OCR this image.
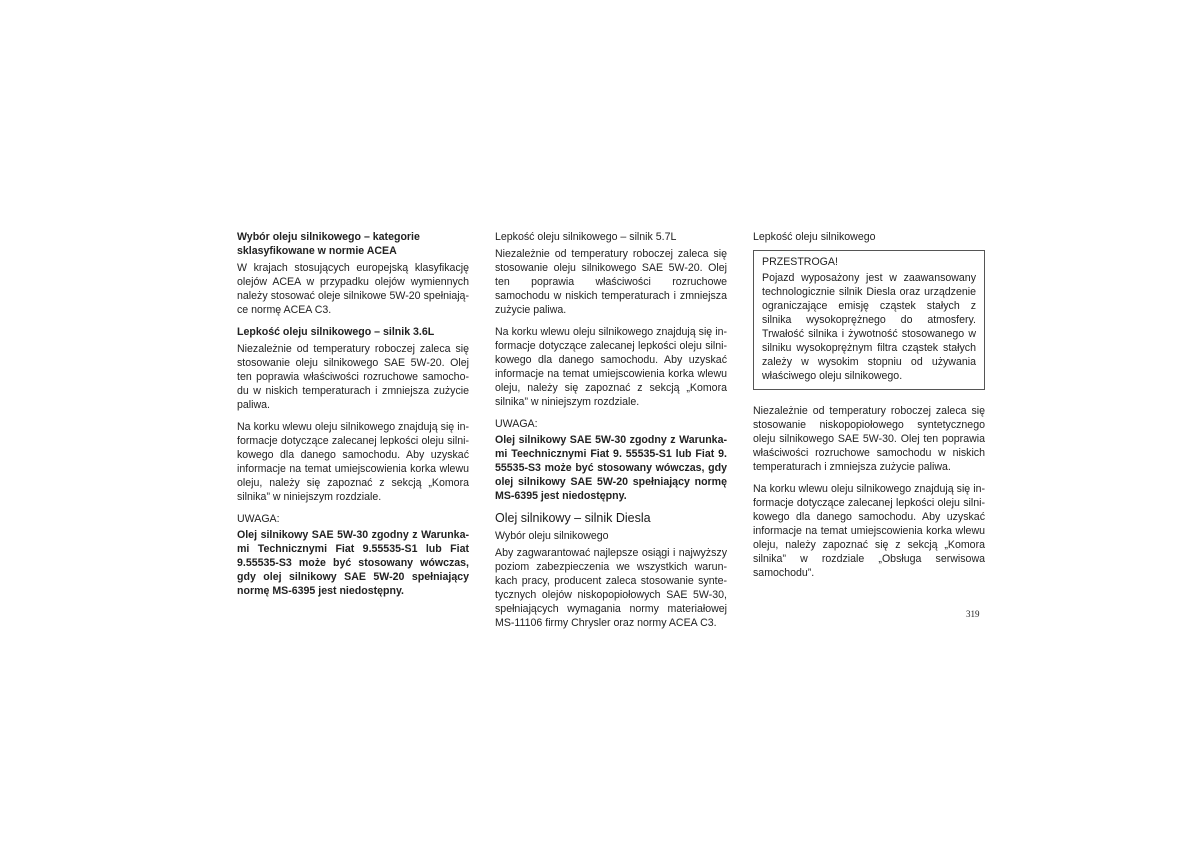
Wybór oleju silnikowego – kategorie sklasyfikowane w normie ACEA

W krajach stosujących europejską klasyfikację olejów ACEA w przypadku olejów wymiennych należy stosować oleje silnikowe 5W-20 spełniające normę ACEA C3.

Lepkość oleju silnikowego – silnik 3.6L

Niezależnie od temperatury roboczej zaleca się stosowanie oleju silnikowego SAE 5W-20. Olej ten poprawia właściwości rozruchowe samochodu w niskich temperaturach i zmniejsza zużycie paliwa.

Na korku wlewu oleju silnikowego znajdują się informacje dotyczące zalecanej lepkości oleju silnikowego dla danego samochodu. Aby uzyskać informacje na temat umiejscowienia korka wlewu oleju, należy się zapoznać z sekcją „Komora silnika” w niniejszym rozdziale.

UWAGA:
Olej silnikowy SAE 5W-30 zgodny z Warunkami Technicznymi Fiat 9.55535-S1 lub Fiat 9.55535-S3 może być stosowany wówczas, gdy olej silnikowy SAE 5W-20 spełniający normę MS-6395 jest niedostępny.
Lepkość oleju silnikowego – silnik 5.7L

Niezależnie od temperatury roboczej zaleca się stosowanie oleju silnikowego SAE 5W-20. Olej ten poprawia właściwości rozruchowe samochodu w niskich temperaturach i zmniejsza zużycie paliwa.

Na korku wlewu oleju silnikowego znajdują się informacje dotyczące zalecanej lepkości oleju silnikowego dla danego samochodu. Aby uzyskać informacje na temat umiejscowienia korka wlewu oleju, należy się zapoznać z sekcją „Komora silnika” w niniejszym rozdziale.

UWAGA:
Olej silnikowy SAE 5W-30 zgodny z Warunkami Teechnicznymi Fiat 9. 55535-S1 lub Fiat 9. 55535-S3 może być stosowany wówczas, gdy olej silnikowy SAE 5W-20 spełniający normę MS-6395 jest niedostępny.
Olej silnikowy – silnik Diesla
Wybór oleju silnikowego

Aby zagwarantować najlepsze osiągi i najwyższy poziom zabezpieczenia we wszystkich warunkach pracy, producent zaleca stosowanie syntetycznych olejów niskopopiołowych SAE 5W-30, spełniających wymagania normy materiałowej MS-11106 firmy Chrysler oraz normy ACEA C3.

Lepkość oleju silnikowego
PRZESTROGA!

Pojazd wyposażony jest w zaawansowany technologicznie silnik Diesla oraz urządzenie ograniczające emisję cząstek stałych z silnika wysokoprężnego do atmosfery. Trwałość silnika i żywotność stosowanego w silniku wysokoprężnym filtra cząstek stałych zależy w wysokim stopniu od używania właściwego oleju silnikowego.

Niezależnie od temperatury roboczej zaleca się stosowanie niskopopiołowego syntetycznego oleju silnikowego SAE 5W-30. Olej ten poprawia właściwości rozruchowe samochodu w niskich temperaturach i zmniejsza zużycie paliwa.

Na korku wlewu oleju silnikowego znajdują się informacje dotyczące zalecanej lepkości oleju silnikowego dla danego samochodu. Aby uzyskać informacje na temat umiejscowienia korka wlewu oleju, należy zapoznać się z sekcją „Komora silnika” w rozdziale „Obsługa serwisowa samochodu”.

319
